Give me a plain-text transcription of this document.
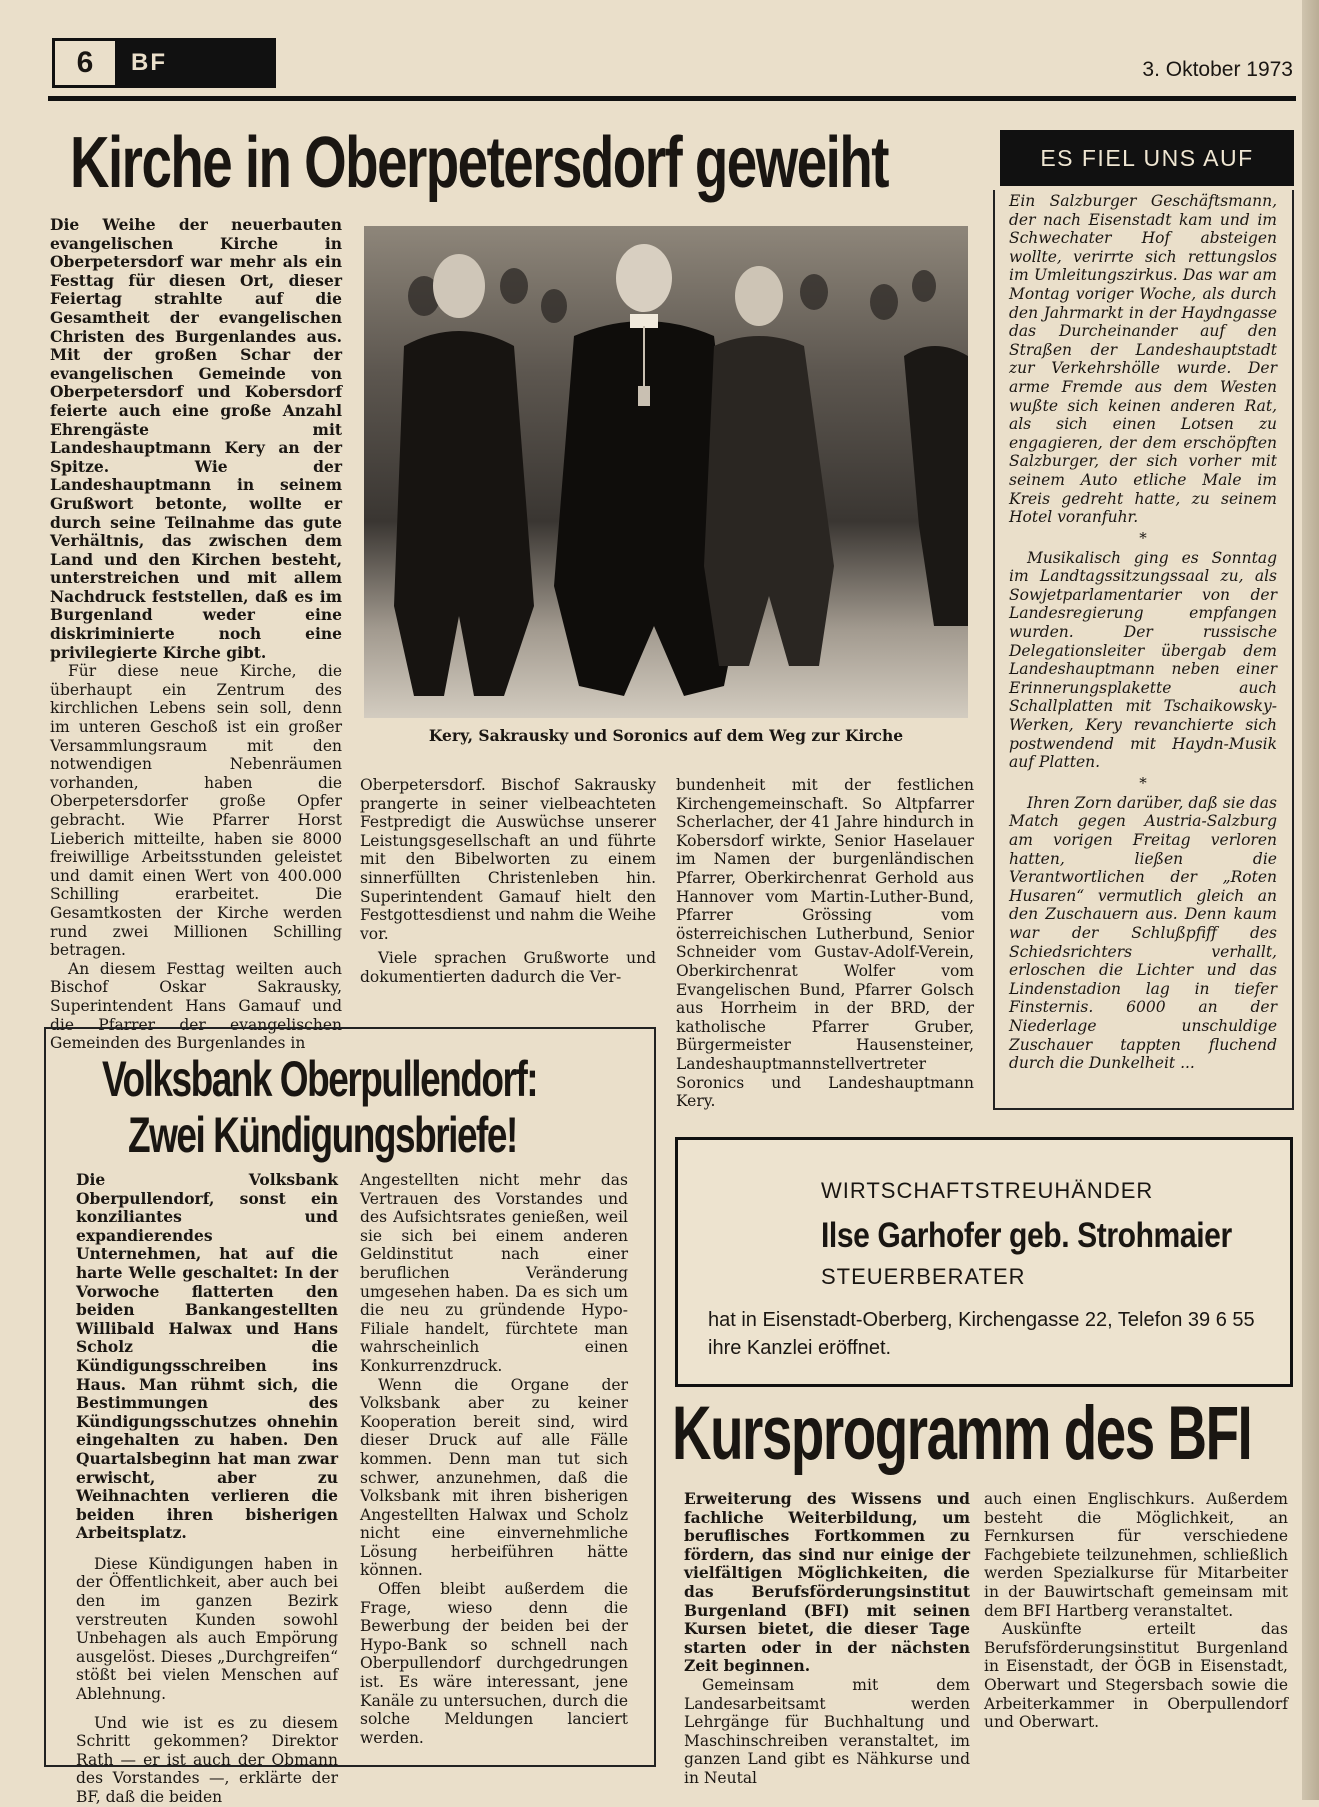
6	BF	3. Oktober 1973
Kirche in Oberpetersdorf geweiht

Die Weihe der neuerbauten evangelischen Kirche in Oberpetersdorf war mehr als ein Festtag für diesen Ort, dieser Feiertag strahlte auf die Gesamtheit der evangelischen Christen des Burgenlandes aus. Mit der großen Schar der evangelischen Gemeinde von Oberpetersdorf und Kobersdorf feierte auch eine große Anzahl Ehrengäste mit Landeshauptmann Kery an der Spitze. Wie der Landeshauptmann in seinem Grußwort betonte, wollte er durch seine Teilnahme das gute Verhältnis, das zwischen dem Land und den Kirchen besteht, unterstreichen und mit allem Nachdruck feststellen, daß es im Burgenland weder eine diskriminierte noch eine privilegierte Kirche gibt.

Für diese neue Kirche, die überhaupt ein Zentrum des kirchlichen Lebens sein soll, denn im unteren Geschoß ist ein großer Versammlungsraum mit den notwendigen Nebenräumen vorhanden, haben die Oberpetersdorfer große Opfer gebracht. Wie Pfarrer Horst Lieberich mitteilte, haben sie 8000 freiwillige Arbeitsstunden geleistet und damit einen Wert von 400.000 Schilling erarbeitet. Die Gesamtkosten der Kirche werden rund zwei Millionen Schilling betragen.

An diesem Festtag weilten auch Bischof Oskar Sakrausky, Superintendent Hans Gamauf und die Pfarrer der evangelischen Gemeinden des Burgenlandes in

Kery, Sakrausky und Soronics auf dem Weg zur Kirche

Oberpetersdorf. Bischof Sakrausky prangerte in seiner vielbeachteten Festpredigt die Auswüchse unserer Leistungsgesellschaft an und führte mit den Bibelworten zu einem sinnerfüllten Christenleben hin. Superintendent Gamauf hielt den Festgottesdienst und nahm die Weihe vor.

Viele sprachen Grußworte und dokumentierten dadurch die Ver-

bundenheit mit der festlichen Kirchengemeinschaft. So Altpfarrer Scherlacher, der 41 Jahre hindurch in Kobersdorf wirkte, Senior Haselauer im Namen der burgenländischen Pfarrer, Oberkirchenrat Gerhold aus Hannover vom Martin-Luther-Bund, Pfarrer Grössing vom österreichischen Lutherbund, Senior Schneider vom Gustav-Adolf-Verein, Oberkirchenrat Wolfer vom Evangelischen Bund, Pfarrer Golsch aus Horrheim in der BRD, der katholische Pfarrer Gruber, Bürgermeister Hausensteiner, Landeshauptmannstellvertreter Soronics und Landeshauptmann Kery.

ES FIEL UNS AUF

Ein Salzburger Geschäftsmann, der nach Eisenstadt kam und im Schwechater Hof absteigen wollte, verirrte sich rettungslos im Umleitungszirkus. Das war am Montag voriger Woche, als durch den Jahrmarkt in der Haydngasse das Durcheinander auf den Straßen der Landeshauptstadt zur Verkehrshölle wurde. Der arme Fremde aus dem Westen wußte sich keinen anderen Rat, als sich einen Lotsen zu engagieren, der dem erschöpften Salzburger, der sich vorher mit seinem Auto etliche Male im Kreis gedreht hatte, zu seinem Hotel voranfuhr.

*

Musikalisch ging es Sonntag im Landtagssitzungssaal zu, als Sowjetparlamentarier von der Landesregierung empfangen wurden. Der russische Delegationsleiter übergab dem Landeshauptmann neben einer Erinnerungsplakette auch Schallplatten mit Tschaikowsky-Werken, Kery revanchierte sich postwendend mit Haydn-Musik auf Platten.

*

Ihren Zorn darüber, daß sie das Match gegen Austria-Salzburg am vorigen Freitag verloren hatten, ließen die Verantwortlichen der „Roten Husaren“ vermutlich gleich an den Zuschauern aus. Denn kaum war der Schlußpfiff des Schiedsrichters verhallt, erloschen die Lichter und das Lindenstadion lag in tiefer Finsternis. 6000 an der Niederlage unschuldige Zuschauer tappten fluchend durch die Dunkelheit ...

Volksbank Oberpullendorf:
Zwei Kündigungsbriefe!

Die Volksbank Oberpullendorf, sonst ein konziliantes und expandierendes Unternehmen, hat auf die harte Welle geschaltet: In der Vorwoche flatterten den beiden Bankangestellten Willibald Halwax und Hans Scholz die Kündigungsschreiben ins Haus. Man rühmt sich, die Bestimmungen des Kündigungsschutzes ohnehin eingehalten zu haben. Den Quartalsbeginn hat man zwar erwischt, aber zu Weihnachten verlieren die beiden ihren bisherigen Arbeitsplatz.

Diese Kündigungen haben in der Öffentlichkeit, aber auch bei den im ganzen Bezirk verstreuten Kunden sowohl Unbehagen als auch Empörung ausgelöst. Dieses „Durchgreifen“ stößt bei vielen Menschen auf Ablehnung.

Und wie ist es zu diesem Schritt gekommen? Direktor Rath — er ist auch der Obmann des Vorstandes —, erklärte der BF, daß die beiden

Angestellten nicht mehr das Vertrauen des Vorstandes und des Aufsichtsrates genießen, weil sie sich bei einem anderen Geldinstitut nach einer beruflichen Veränderung umgesehen haben. Da es sich um die neu zu gründende Hypo-Filiale handelt, fürchtete man wahrscheinlich einen Konkurrenzdruck.

Wenn die Organe der Volksbank aber zu keiner Kooperation bereit sind, wird dieser Druck auf alle Fälle kommen. Denn man tut sich schwer, anzunehmen, daß die Volksbank mit ihren bisherigen Angestellten Halwax und Scholz nicht eine einvernehmliche Lösung herbeiführen hätte können.

Offen bleibt außerdem die Frage, wieso denn die Bewerbung der beiden bei der Hypo-Bank so schnell nach Oberpullendorf durchgedrungen ist. Es wäre interessant, jene Kanäle zu untersuchen, durch die solche Meldungen lanciert werden.

WIRTSCHAFTSTREUHÄNDER
Ilse Garhofer geb. Strohmaier
STEUERBERATER
hat in Eisenstadt-Oberberg, Kirchengasse 22, Telefon 39 6 55 ihre Kanzlei eröffnet.
Kursprogramm des BFI

Erweiterung des Wissens und fachliche Weiterbildung, um beruflisches Fortkommen zu fördern, das sind nur einige der vielfältigen Möglichkeiten, die das Berufsförderungsinstitut Burgenland (BFI) mit seinen Kursen bietet, die dieser Tage starten oder in der nächsten Zeit beginnen.

Gemeinsam mit dem Landesarbeitsamt werden Lehrgänge für Buchhaltung und Maschinschreiben veranstaltet, im ganzen Land gibt es Nähkurse und in Neutal

auch einen Englischkurs. Außerdem besteht die Möglichkeit, an Fernkursen für verschiedene Fachgebiete teilzunehmen, schließlich werden Spezialkurse für Mitarbeiter in der Bauwirtschaft gemeinsam mit dem BFI Hartberg veranstaltet.

Auskünfte erteilt das Berufsförderungsinstitut Burgenland in Eisenstadt, der ÖGB in Eisenstadt, Oberwart und Stegersbach sowie die Arbeiterkammer in Oberpullendorf und Oberwart.
